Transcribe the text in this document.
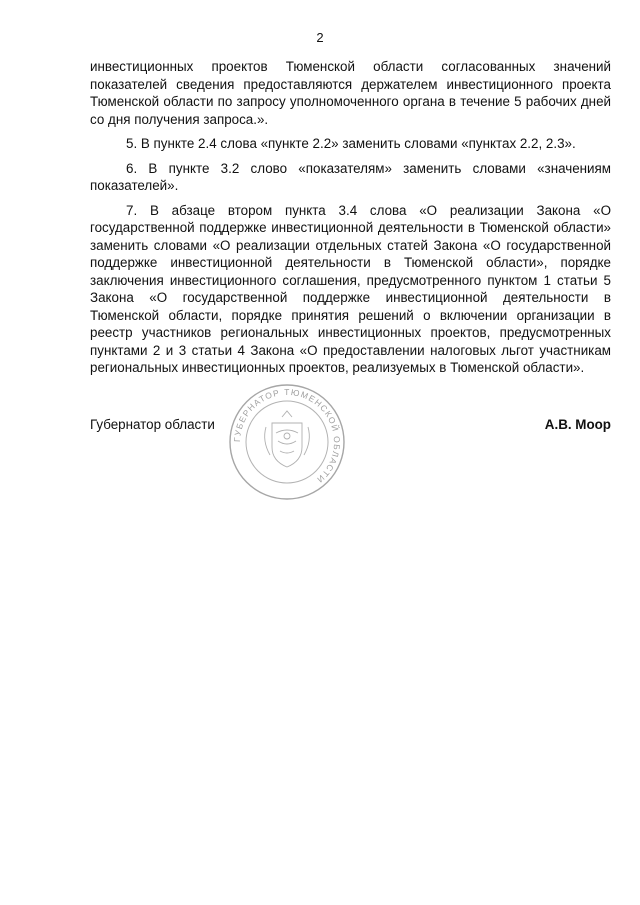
2

инвестиционных проектов Тюменской области согласованных значений показателей сведения предоставляются держателем инвестиционного проекта Тюменской области по запросу уполномоченного органа в течение 5 рабочих дней со дня получения запроса.».

5. В пункте 2.4 слова «пункте 2.2» заменить словами «пунктах 2.2, 2.3».

6. В пункте 3.2 слово «показателям» заменить словами «значениям показателей».

7. В абзаце втором пункта 3.4 слова «О реализации Закона «О государственной поддержке инвестиционной деятельности в Тюменской области» заменить словами «О реализации отдельных статей Закона «О государственной поддержке инвестиционной деятельности в Тюменской области», порядке заключения инвестиционного соглашения, предусмотренного пунктом 1 статьи 5 Закона «О государственной поддержке инвестиционной деятельности в Тюменской области, порядке принятия решений о включении организации в реестр участников региональных инвестиционных проектов, предусмотренных пунктами 2 и 3 статьи 4 Закона «О предоставлении налоговых льгот участникам региональных инвестиционных проектов, реализуемых в Тюменской области».

Губернатор области	А.В. Моор
ГУБЕРНАТОР ТЮМЕНСКОЙ ОБЛАСТИ
